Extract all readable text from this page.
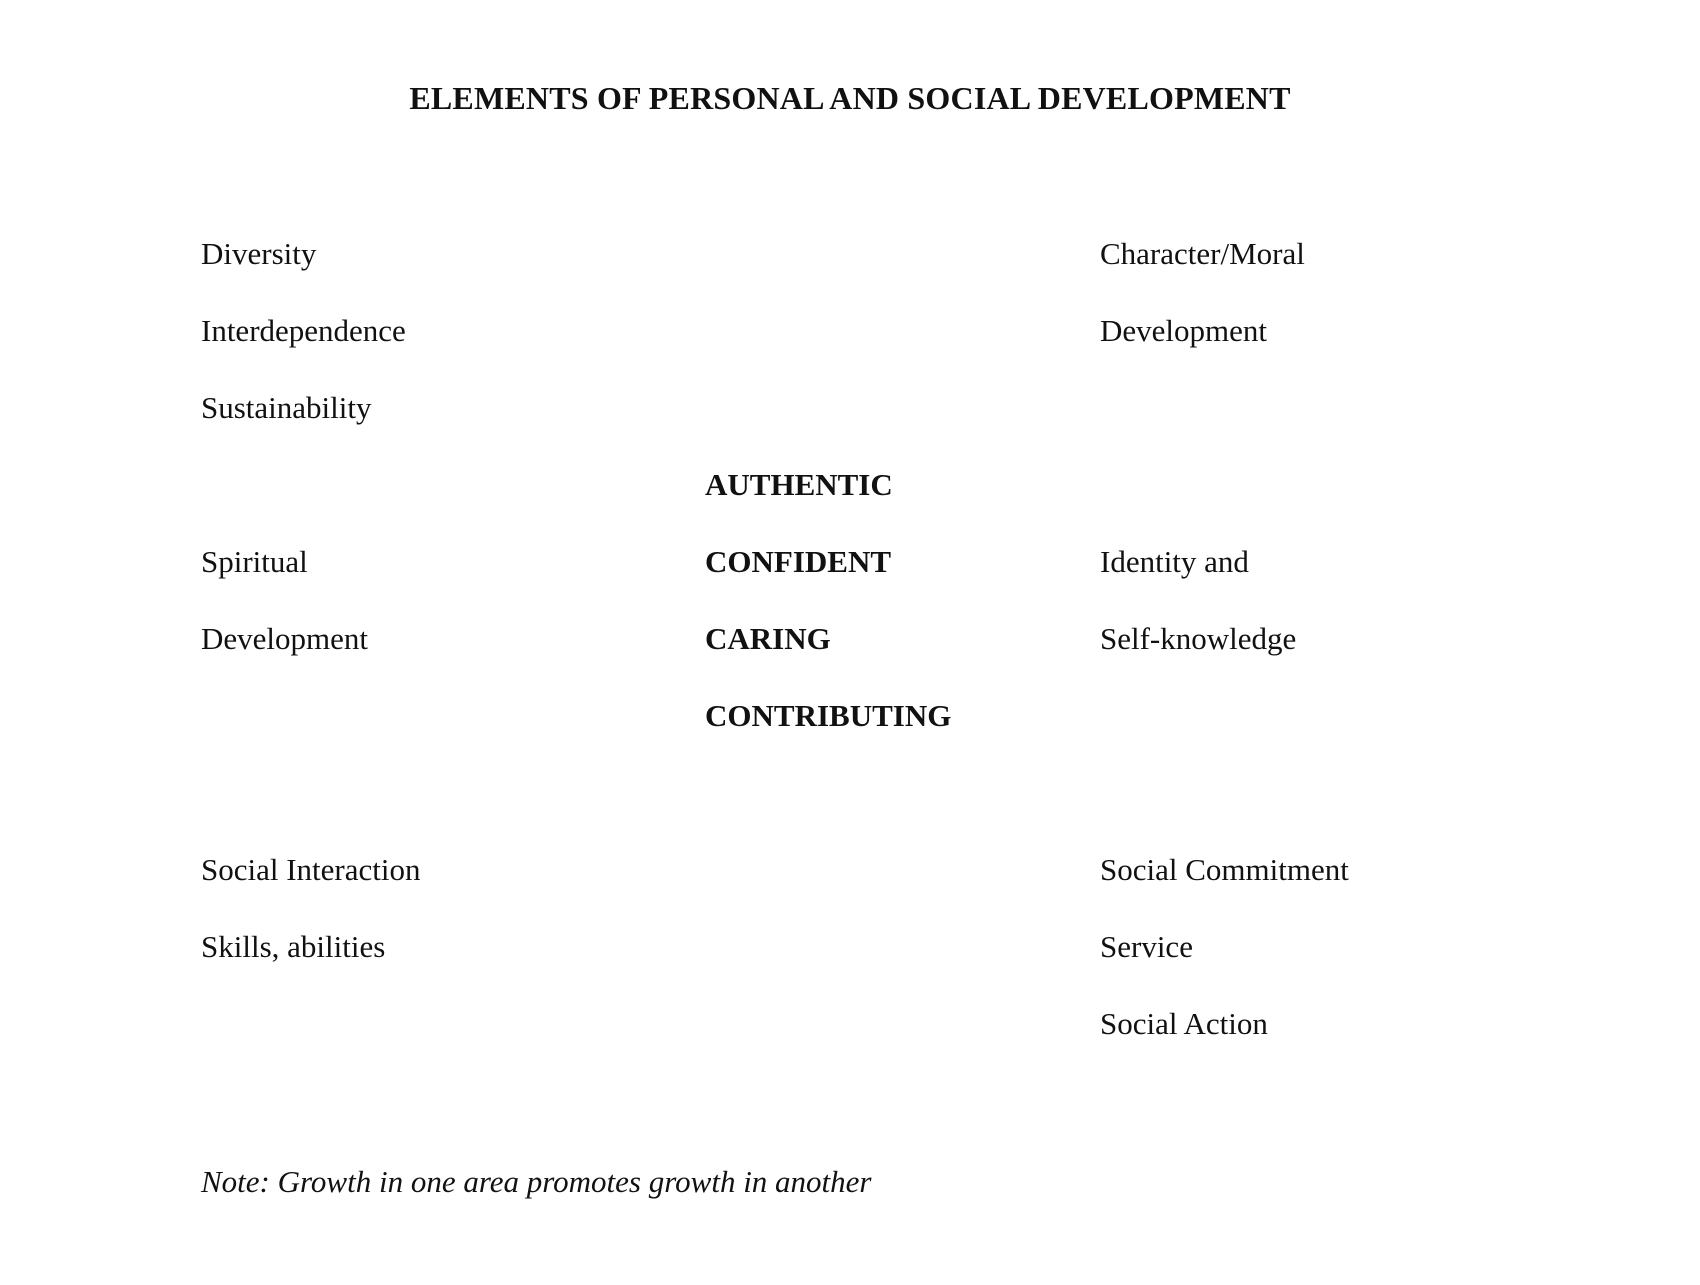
ELEMENTS OF PERSONAL AND SOCIAL DEVELOPMENT
Diversity
Interdependence
Sustainability
Character/Moral
Development
AUTHENTIC
CONFIDENT
CARING
CONTRIBUTING
Spiritual
Development
Identity and
Self-knowledge
Social Interaction
Skills, abilities
Social Commitment
Service
Social Action
Note: Growth in one area promotes growth in another
